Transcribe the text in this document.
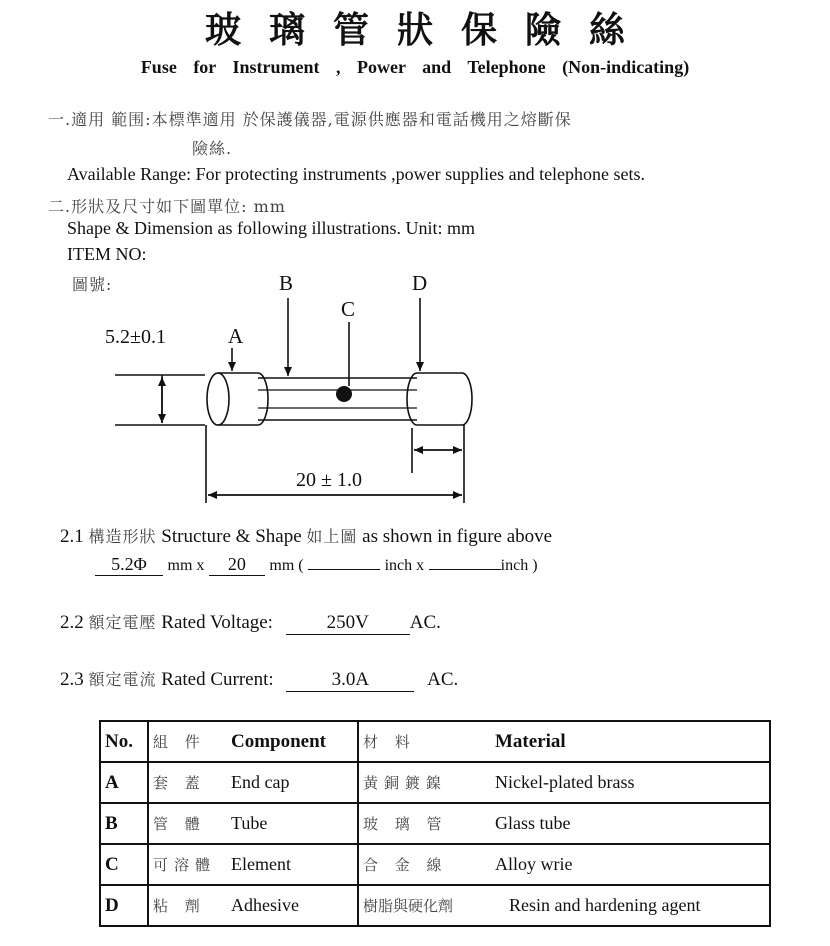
玻璃管狀保險絲
Fuse for Instrument , Power and Telephone (Non-indicating)
一.適用 範围:本標準適用 於保護儀器,電源供應器和電話機用之熔斷保
險絲.
Available Range: For protecting instruments ,power supplies and telephone sets.
二.形狀及尺寸如下圖單位: mm
Shape & Dimension as following illustrations. Unit: mm
ITEM NO:
圖號:
A
B
C
D
5.2±0.1
20 ± 1.0
2.1 構造形狀 Structure & Shape 如上圖 as shown in figure above
5.2Φ mm x 20 mm (	inch x	inch )
2.2 額定電壓 Rated Voltage:	250V AC.
2.3 額定電流 Rated Current:	3.0A	AC.
No.	組 件 Component	材 料 Material
A	套 蓋 End cap	黃銅鍍鎳 Nickel-plated brass
B	管 體 Tube	玻 璃 管 Glass tube
C	可溶體 Element	合 金 線 Alloy wrie
D	粘 劑 Adhesive	樹脂與硬化劑 Resin and hardening agent
